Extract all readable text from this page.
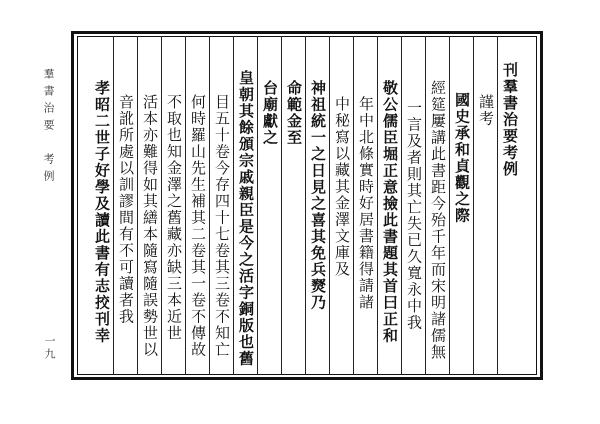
羣書治要　考例
一九
刊羣書治要考例
謹考
國史承和貞觀之際
經筵屢講此書距今殆千年而宋明諸儒無
一言及者則其亡失已久寬永中我
敬公儒臣堀正意撿此書題其首曰正和
年中北條實時好居書籍得請諸
中秘寫以藏其金澤文庫及
神祖統一之日見之喜其免兵燹乃
命範金至
台廟獻之
皇朝其餘頒宗戚親臣是今之活字銅版也舊
目五十卷今存四十七卷其三卷不知亡
何時羅山先生補其二卷其一卷不傳故
不取也知金澤之舊藏亦缺三本近世
活本亦難得如其繕本隨寫隨誤勢世以
音訛所處以訓謬間有不可讀者我
孝昭二世子好學及讀此書有志挍刊幸
